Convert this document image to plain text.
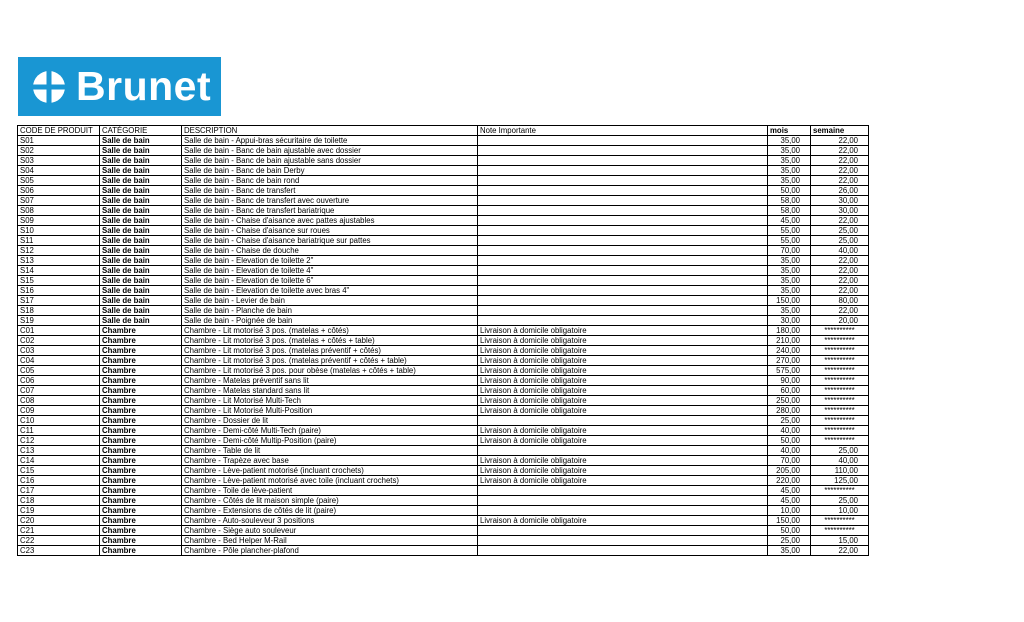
Brunet
CODE DE PRODUIT	CATÉGORIE	DESCRIPTION	Note Importante	mois	semaine
S01	Salle de bain	Salle de bain - Appui-bras sécuritaire de toilette		35,00	22,00
S02	Salle de bain	Salle de bain - Banc de bain ajustable avec dossier		35,00	22,00
S03	Salle de bain	Salle de bain - Banc de bain ajustable sans dossier		35,00	22,00
S04	Salle de bain	Salle de bain - Banc de bain Derby		35,00	22,00
S05	Salle de bain	Salle de bain - Banc de bain rond		35,00	22,00
S06	Salle de bain	Salle de bain - Banc de transfert		50,00	26,00
S07	Salle de bain	Salle de bain - Banc de transfert avec ouverture		58,00	30,00
S08	Salle de bain	Salle de bain - Banc de transfert bariatrique		58,00	30,00
S09	Salle de bain	Salle de bain - Chaise d'aisance avec pattes ajustables		45,00	22,00
S10	Salle de bain	Salle de bain - Chaise d'aisance sur roues		55,00	25,00
S11	Salle de bain	Salle de bain - Chaise d'aisance bariatrique sur pattes		55,00	25,00
S12	Salle de bain	Salle de bain - Chaise de douche		70,00	40,00
S13	Salle de bain	Salle de bain - Elevation de toilette 2"		35,00	22,00
S14	Salle de bain	Salle de bain - Elevation de toilette 4"		35,00	22,00
S15	Salle de bain	Salle de bain - Elevation de toilette 6"		35,00	22,00
S16	Salle de bain	Salle de bain - Elevation de toilette avec bras 4"		35,00	22,00
S17	Salle de bain	Salle de bain - Levier de bain		150,00	80,00
S18	Salle de bain	Salle de bain - Planche de bain		35,00	22,00
S19	Salle de bain	Salle de bain - Poignée de bain		30,00	20,00
C01	Chambre	Chambre - Lit motorisé 3 pos. (matelas + côtés)	Livraison à domicile obligatoire	180,00	**********
C02	Chambre	Chambre - Lit motorisé 3 pos. (matelas + côtés + table)	Livraison à domicile obligatoire	210,00	**********
C03	Chambre	Chambre - Lit motorisé 3 pos. (matelas préventif + côtés)	Livraison à domicile obligatoire	240,00	**********
C04	Chambre	Chambre - Lit motorisé 3 pos. (matelas préventif + côtés + table)	Livraison à domicile obligatoire	270,00	**********
C05	Chambre	Chambre - Lit motorisé 3 pos. pour obèse (matelas + côtés + table)	Livraison à domicile obligatoire	575,00	**********
C06	Chambre	Chambre - Matelas préventif sans lit	Livraison à domicile obligatoire	90,00	**********
C07	Chambre	Chambre - Matelas standard sans lit	Livraison à domicile obligatoire	60,00	**********
C08	Chambre	Chambre - Lit Motorisé Multi-Tech	Livraison à domicile obligatoire	250,00	**********
C09	Chambre	Chambre - Lit Motorisé Multi-Position	Livraison à domicile obligatoire	280,00	**********
C10	Chambre	Chambre - Dossier de lit		25,00	**********
C11	Chambre	Chambre - Demi-côté Multi-Tech (paire)	Livraison à domicile obligatoire	40,00	**********
C12	Chambre	Chambre - Demi-côté Multip-Position (paire)	Livraison à domicile obligatoire	50,00	**********
C13	Chambre	Chambre - Table de lit		40,00	25,00
C14	Chambre	Chambre - Trapèze avec base	Livraison à domicile obligatoire	70,00	40,00
C15	Chambre	Chambre - Lève-patient motorisé (incluant crochets)	Livraison à domicile obligatoire	205,00	110,00
C16	Chambre	Chambre - Lève-patient motorisé avec toile (incluant crochets)	Livraison à domicile obligatoire	220,00	125,00
C17	Chambre	Chambre - Toile de lève-patient		45,00	**********
C18	Chambre	Chambre - Côtés de lit maison simple (paire)		45,00	25,00
C19	Chambre	Chambre - Extensions de côtés de lit (paire)		10,00	10,00
C20	Chambre	Chambre - Auto-souleveur 3 positions	Livraison à domicile obligatoire	150,00	**********
C21	Chambre	Chambre - Siège auto souleveur		50,00	**********
C22	Chambre	Chambre - Bed Helper M-Rail		25,00	15,00
C23	Chambre	Chambre - Pôle plancher-plafond		35,00	22,00
